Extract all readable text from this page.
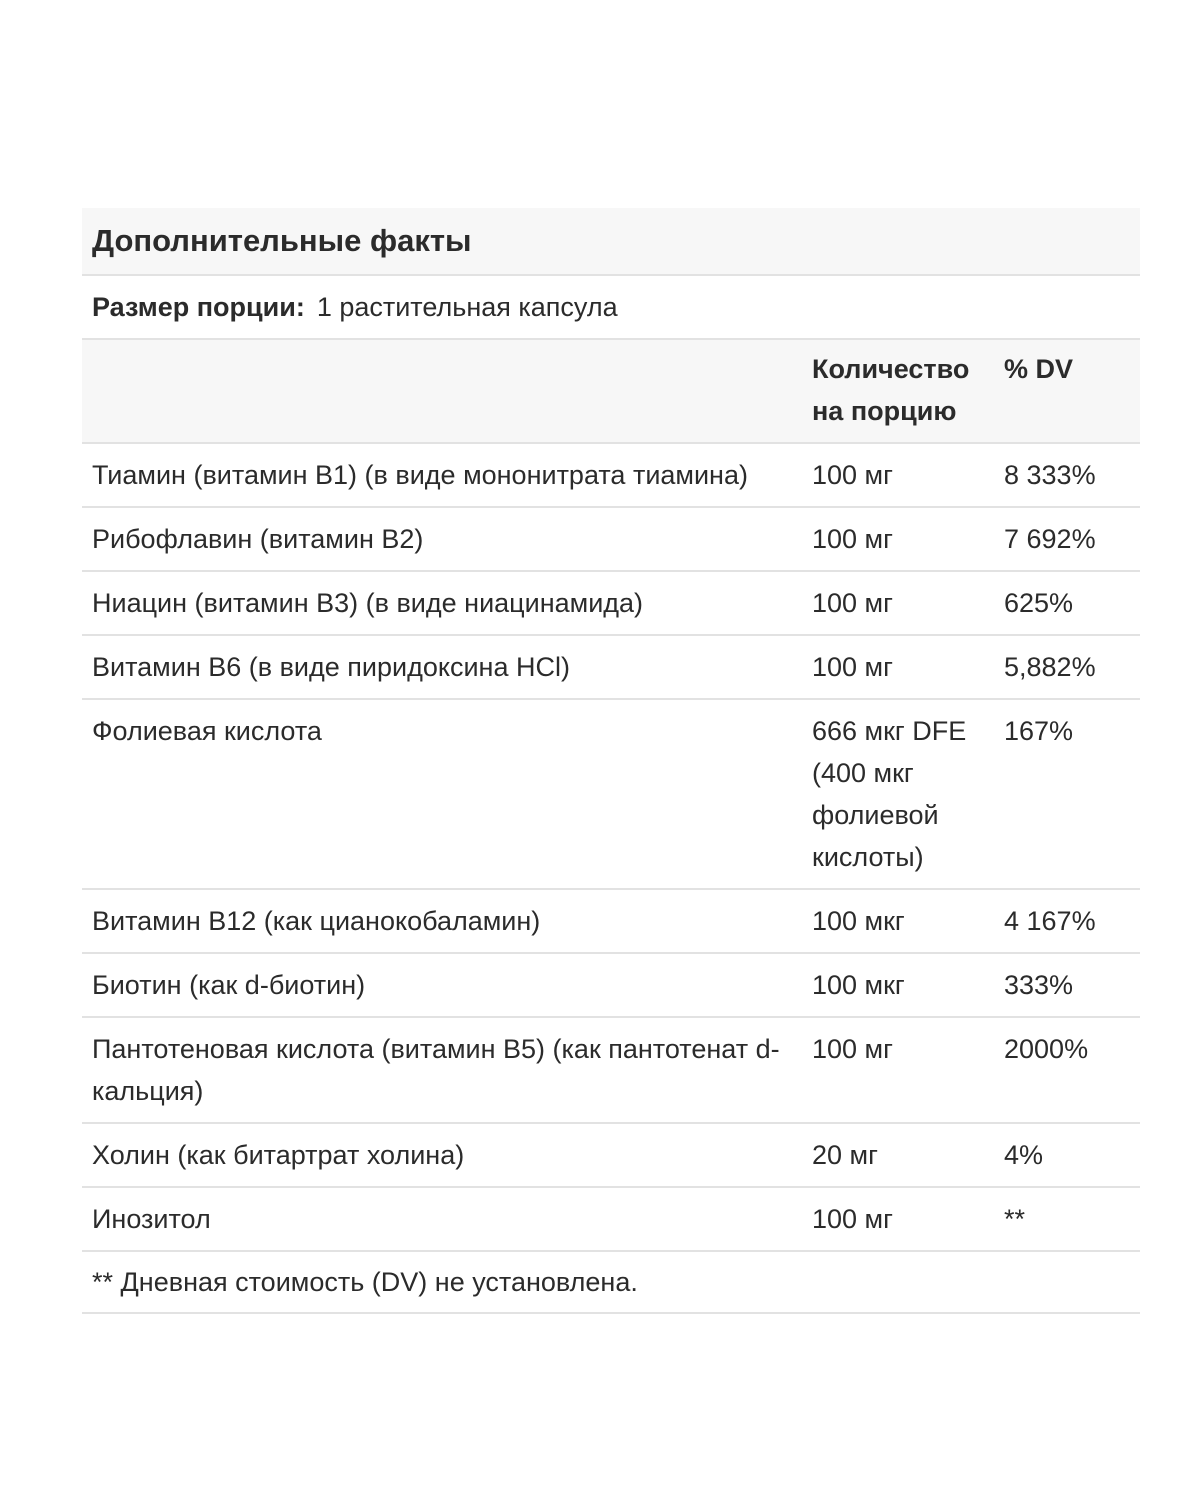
Дополнительные факты
Размер порции: 1 растительная капсула
	Количество на порцию	% DV
Тиамин (витамин B1) (в виде мононитрата тиамина)	100 мг	8 333%
Рибофлавин (витамин B2)	100 мг	7 692%
Ниацин (витамин B3) (в виде ниацинамида)	100 мг	625%
Витамин B6 (в виде пиридоксина HCl)	100 мг	5,882%
Фолиевая кислота	666 мкг DFE (400 мкг фолиевой кислоты)	167%
Витамин B12 (как цианокобаламин)	100 мкг	4 167%
Биотин (как d-биотин)	100 мкг	333%
Пантотеновая кислота (витамин B5) (как пантотенат d-кальция)	100 мг	2000%
Холин (как битартрат холина)	20 мг	4%
Инозитол	100 мг	**
** Дневная стоимость (DV) не установлена.
